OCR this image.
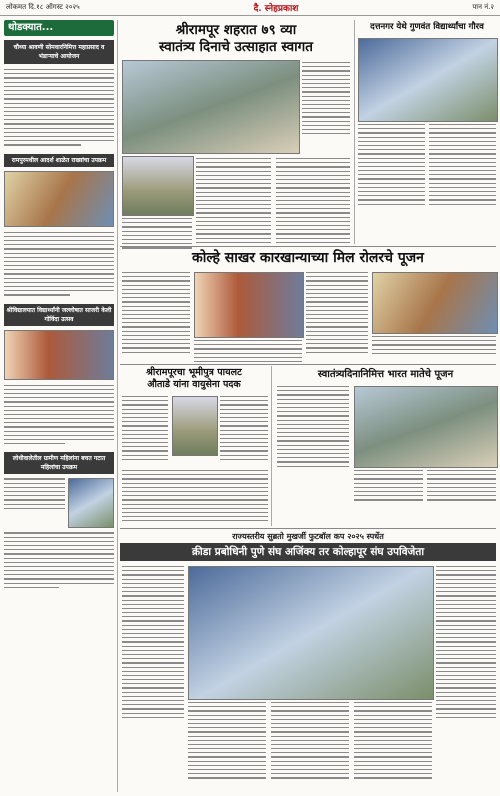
लोकमत दि.१८ ऑगस्ट २०२५	दै. स्नेहप्रकाश	पान नं.२
थोडक्यात...
चौथ्या श्रावणी सोमवारनिमित्त महाप्रसाद व भंडाऱ्याचे आयोजन
रामपुरमधील आदर्श शाळेत राख्यांचा उपक्रम
श्रीविद्यालयात विद्यार्थ्यांनी जल्लोषात साजरी केली गोविंदा उत्सव
लोधीवालेतील ग्रामीण महिलांना बचत गटात महिलांचा उपक्रम
श्रीरामपूर शहरात ७९ व्या
स्वातंत्र्य दिनाचे उत्साहात स्वागत
दत्तनगर येथे गुणवंत विद्यार्थ्यांचा गौरव
कोल्हे साखर कारखान्याच्या मिल रोलरचे पूजन
श्रीरामपूरचा भूमीपुत्र पायलट
औताडे यांना वायुसेना पदक
स्वातंत्र्यदिनानिमित्त भारत मातेचे पूजन
राज्यस्तरीय सुब्रतो मुखर्जी फुटबॉल कप २०२५ स्पर्धेत
क्रीडा प्रबोधिनी पुणे संघ अजिंक्य तर कोल्हापूर संघ उपविजेता
